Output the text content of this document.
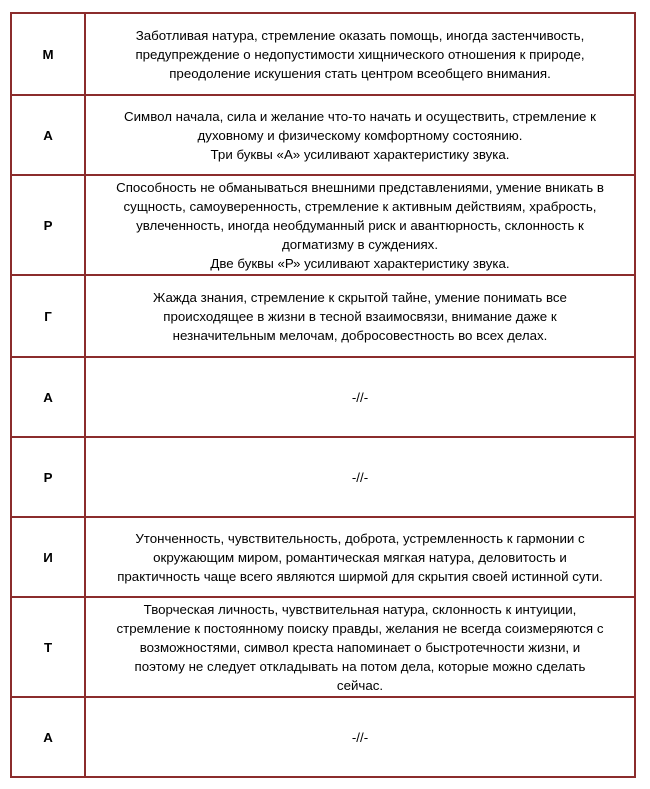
М	Заботливая натура, стремление оказать помощь, иногда застенчивость,
предупреждение о недопустимости хищнического отношения к природе,
преодоление искушения стать центром всеобщего внимания.

А	Символ начала, сила и желание что-то начать и осуществить, стремление к
духовному и физическому комфортному состоянию.
Три буквы «А» усиливают характеристику звука.

Р	Способность не обманываться внешними представлениями, умение вникать в
сущность, самоуверенность, стремление к активным действиям, храбрость,
увлеченность, иногда необдуманный риск и авантюрность, склонность к
догматизму в суждениях.
Две буквы «Р» усиливают характеристику звука.

Г	Жажда знания, стремление к скрытой тайне, умение понимать все
происходящее в жизни в тесной взаимосвязи, внимание даже к
незначительным мелочам, добросовестность во всех делах.

А	-//-

Р	-//-

И	Утонченность, чувствительность, доброта, устремленность к гармонии с
окружающим миром, романтическая мягкая натура, деловитость и
практичность чаще всего являются ширмой для скрытия своей истинной сути.

Т	Творческая личность, чувствительная натура, склонность к интуиции,
стремление к постоянному поиску правды, желания не всегда соизмеряются с
возможностями, символ креста напоминает о быстротечности жизни, и
поэтому не следует откладывать на потом дела, которые можно сделать
сейчас.

А	-//-
